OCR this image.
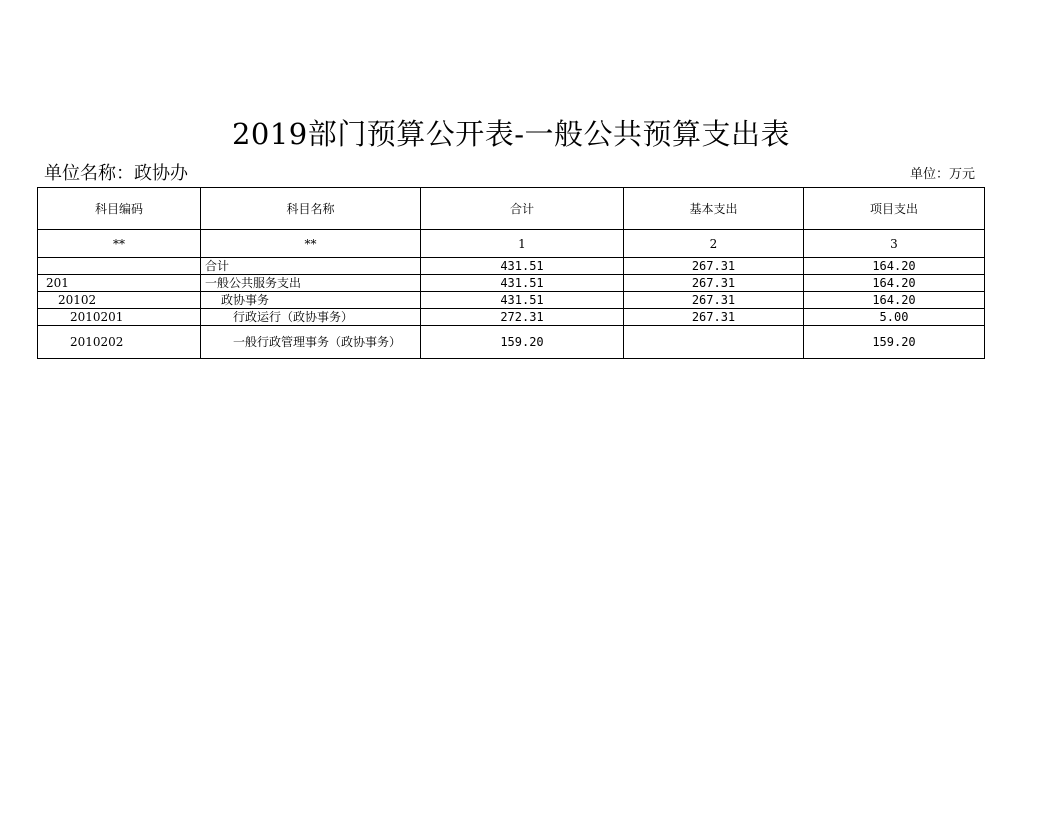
2019部门预算公开表-一般公共预算支出表
单位名称：政协办	单位：万元
科目编码	科目名称	合计	基本支出	项目支出
**	**	1	2	3
	合计	431.51	267.31	164.20
201	一般公共服务支出	431.51	267.31	164.20
20102	政协事务	431.51	267.31	164.20
2010201	行政运行（政协事务）	272.31	267.31	5.00
2010202	一般行政管理事务（政协事务）	159.20		159.20
